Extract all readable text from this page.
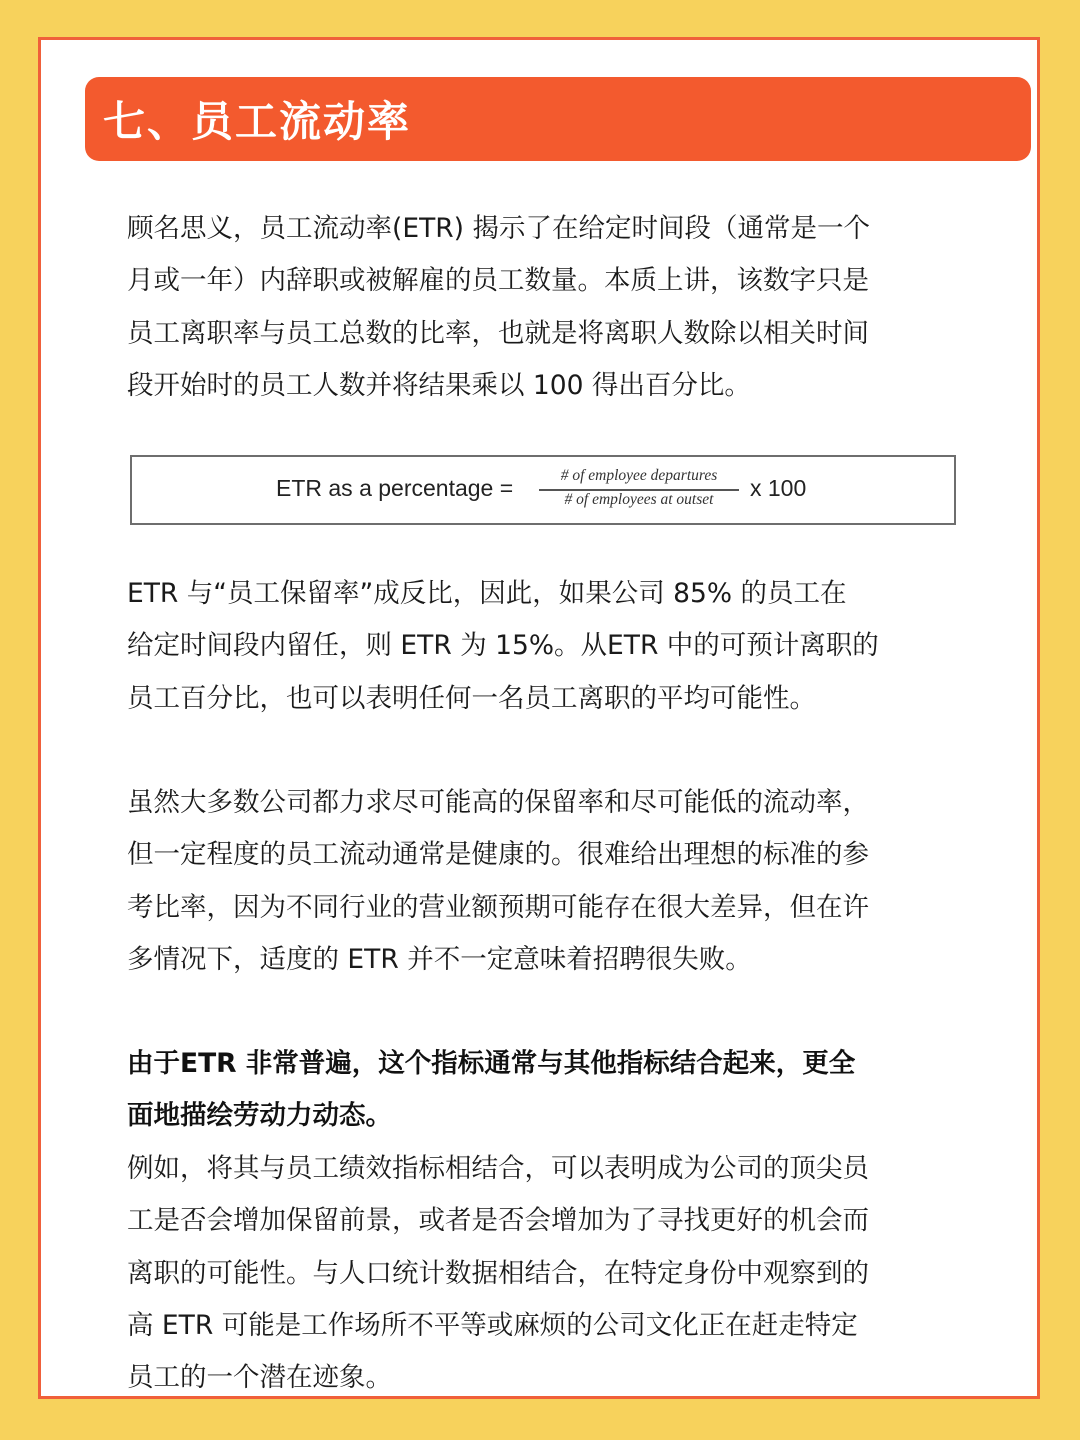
七、员工流动率

顾名思义，员工流动率(ETR) 揭示了在给定时间段（通常是一个
月或一年）内辞职或被解雇的员工数量。本质上讲，该数字只是
员工离职率与员工总数的比率，也就是将离职人数除以相关时间
段开始时的员工人数并将结果乘以 100 得出百分比。

ETR as a percentage =	# of employee departures
# of employees at outset	x 100

ETR 与“员工保留率”成反比，因此，如果公司 85% 的员工在
给定时间段内留任，则 ETR 为 15%。从ETR 中的可预计离职的
员工百分比，也可以表明任何一名员工离职的平均可能性。

虽然大多数公司都力求尽可能高的保留率和尽可能低的流动率，
但一定程度的员工流动通常是健康的。很难给出理想的标准的参
考比率，因为不同行业的营业额预期可能存在很大差异，但在许
多情况下，适度的 ETR 并不一定意味着招聘很失败。

由于ETR 非常普遍，这个指标通常与其他指标结合起来，更全
面地描绘劳动力动态。
例如，将其与员工绩效指标相结合，可以表明成为公司的顶尖员
工是否会增加保留前景，或者是否会增加为了寻找更好的机会而
离职的可能性。与人口统计数据相结合，在特定身份中观察到的
高 ETR 可能是工作场所不平等或麻烦的公司文化正在赶走特定
员工的一个潜在迹象。
